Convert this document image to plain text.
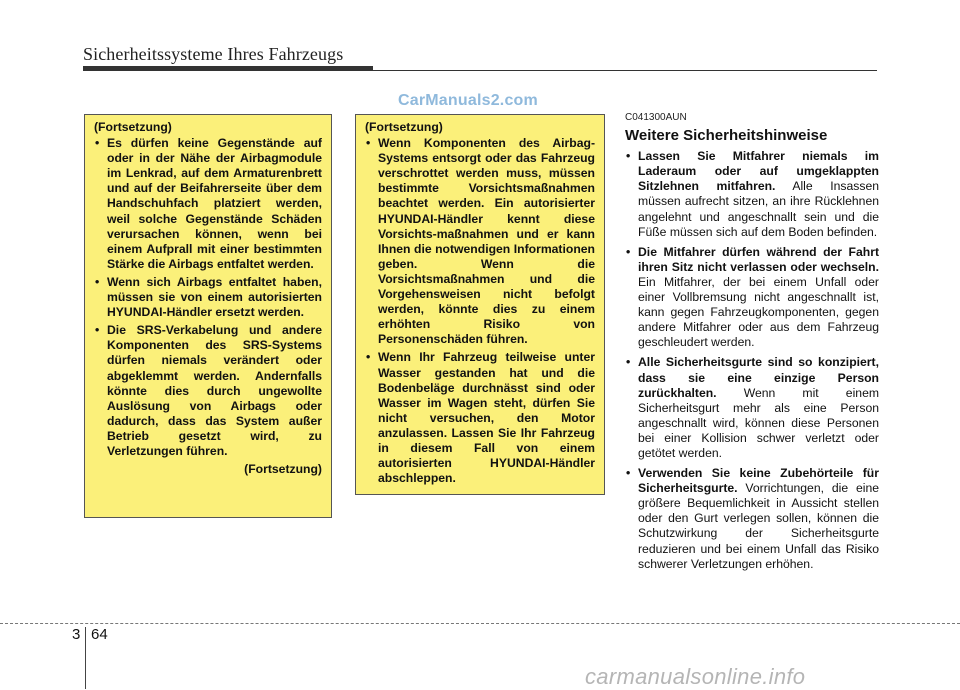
Sicherheitssysteme Ihres Fahrzeugs
CarManuals2.com
(Fortsetzung)
• Es dürfen keine Gegenstände auf oder in der Nähe der Airbagmodule im Lenkrad, auf dem Armaturenbrett und auf der Beifahrerseite über dem Handschuhfach platziert werden, weil solche Gegenstände Schäden verursachen können, wenn bei einem Aufprall mit einer bestimmten Stärke die Airbags entfaltet werden.
• Wenn sich Airbags entfaltet haben, müssen sie von einem autorisierten HYUNDAI-Händler ersetzt werden.
• Die SRS-Verkabelung und andere Komponenten des SRS-Systems dürfen niemals verändert oder abgeklemmt werden. Andernfalls könnte dies durch ungewollte Auslösung von Airbags oder dadurch, dass das System außer Betrieb gesetzt wird, zu Verletzungen führen.
(Fortsetzung)
(Fortsetzung)
• Wenn Komponenten des Airbag-Systems entsorgt oder das Fahrzeug verschrottet werden muss, müssen bestimmte Vorsichtsmaßnahmen beachtet werden. Ein autorisierter HYUNDAI-Händler kennt diese Vorsichts-maßnahmen und er kann Ihnen die notwendigen Informationen geben. Wenn die Vorsichtsmaßnahmen und die Vorgehensweisen nicht befolgt werden, könnte dies zu einem erhöhten Risiko von Personenschäden führen.
• Wenn Ihr Fahrzeug teilweise unter Wasser gestanden hat und die Bodenbeläge durchnässt sind oder Wasser im Wagen steht, dürfen Sie nicht versuchen, den Motor anzulassen. Lassen Sie Ihr Fahrzeug in diesem Fall von einem autorisierten HYUNDAI-Händler abschleppen.
C041300AUN
Weitere Sicherheitshinweise
• Lassen Sie Mitfahrer niemals im Laderaum oder auf umgeklappten Sitzlehnen mitfahren. Alle Insassen müssen aufrecht sitzen, an ihre Rücklehnen angelehnt und angeschnallt sein und die Füße müssen sich auf dem Boden befinden.
• Die Mitfahrer dürfen während der Fahrt ihren Sitz nicht verlassen oder wechseln. Ein Mitfahrer, der bei einem Unfall oder einer Vollbremsung nicht angeschnallt ist, kann gegen Fahrzeugkomponenten, gegen andere Mitfahrer oder aus dem Fahrzeug geschleudert werden.
• Alle Sicherheitsgurte sind so konzipiert, dass sie eine einzige Person zurückhalten. Wenn mit einem Sicherheitsgurt mehr als eine Person angeschnallt wird, können diese Personen bei einer Kollision schwer verletzt oder getötet werden.
• Verwenden Sie keine Zubehörteile für Sicherheitsgurte. Vorrichtungen, die eine größere Bequemlichkeit in Aussicht stellen oder den Gurt verlegen sollen, können die Schutzwirkung der Sicherheitsgurte reduzieren und bei einem Unfall das Risiko schwerer Verletzungen erhöhen.
3 64
carmanualsonline.info
